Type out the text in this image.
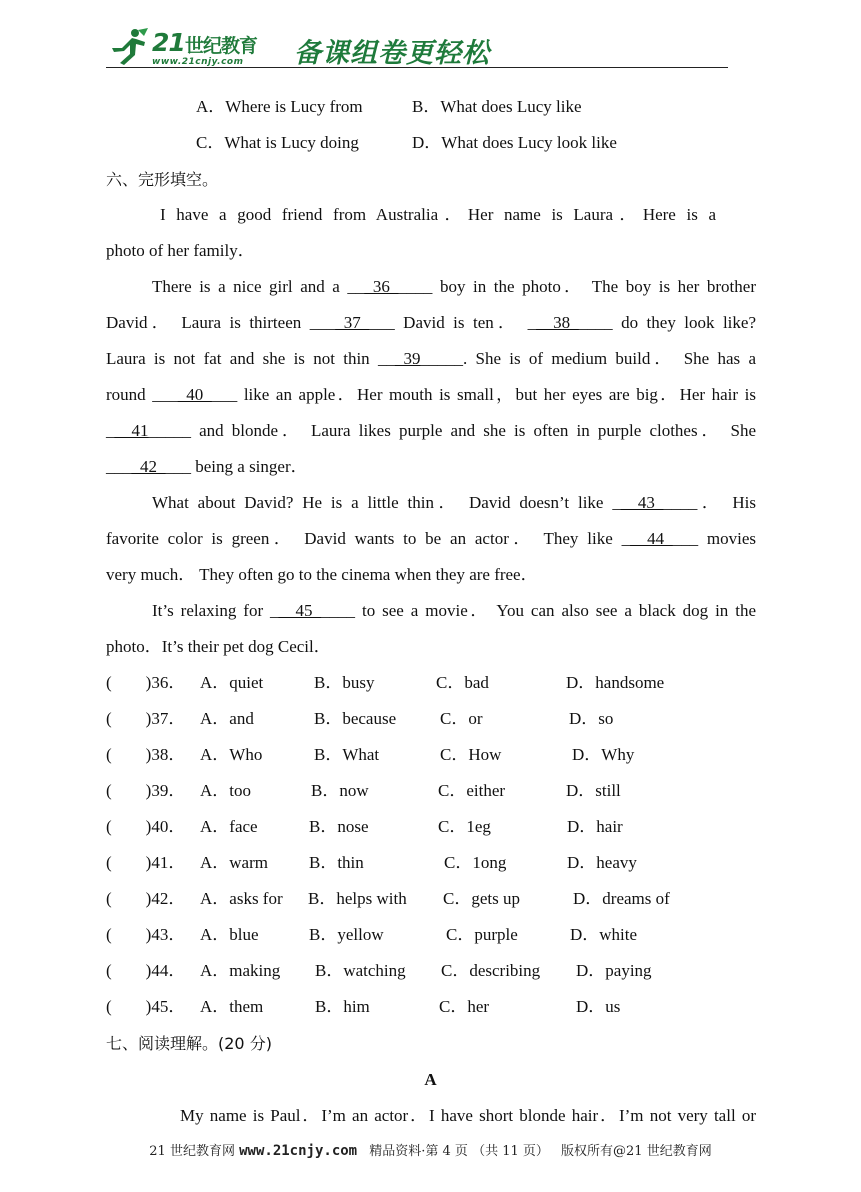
21 世纪教育
www.21cnjy.com 备课组卷更轻松
A．Where is Lucy from	B．What does Lucy like
C．What is Lucy doing	D．What does Lucy look like
六、完形填空。
I have a good friend from Australia．Her name is Laura．Here is a
photo of her family．
There is a nice girl and a ___36_____ boy in the photo． The boy is her brother
David． Laura is thirteen ____37____ David is ten． ___38_____ do they look like?
Laura is not fat and she is not thin ___39_____. She is of medium build． She has a
round ____40____ like an apple．Her mouth is small，but her eyes are big．Her hair is
___41_____ and blonde． Laura likes purple and she is often in purple clothes． She
____42____ being a singer．
What about David? He is a little thin． David doesn’t like ___43_____． His
favorite color is green． David wants to be an actor． They like ___44____ movies
very much． They often go to the cinema when they are free．
It’s relaxing for ___45_____ to see a movie． You can also see a black dog in the
photo．It’s their pet dog Cecil．
(　　)36． A．quiet	B．busy	C．bad	D．handsome
(　　)37． A．and	B．because	C．or	D．so
(　　)38． A．Who	B．What	C．How	D．Why
(　　)39． A．too	B．now	C．either	D．still
(　　)40． A．face	B．nose	C．1eg	D．hair
(　　)41． A．warm B．thin	C．1ong	D．heavy
(　　)42． A．asks for B．helps with C．gets up	D．dreams of
(　　)43． A．blue	B．yellow	C．purple	D．white
(　　)44． A．making B．watching C．describing D．paying
(　　)45． A．them	B．him	C．her	D．us
七、阅读理解。(20 分)
A
My name is Paul．I’m an actor．I have short blonde hair．I’m not very tall or
21 世纪教育网 www.21cnjy.com 精品资料·第 4 页 （共 11 页） 版权所有@21 世纪教育网
